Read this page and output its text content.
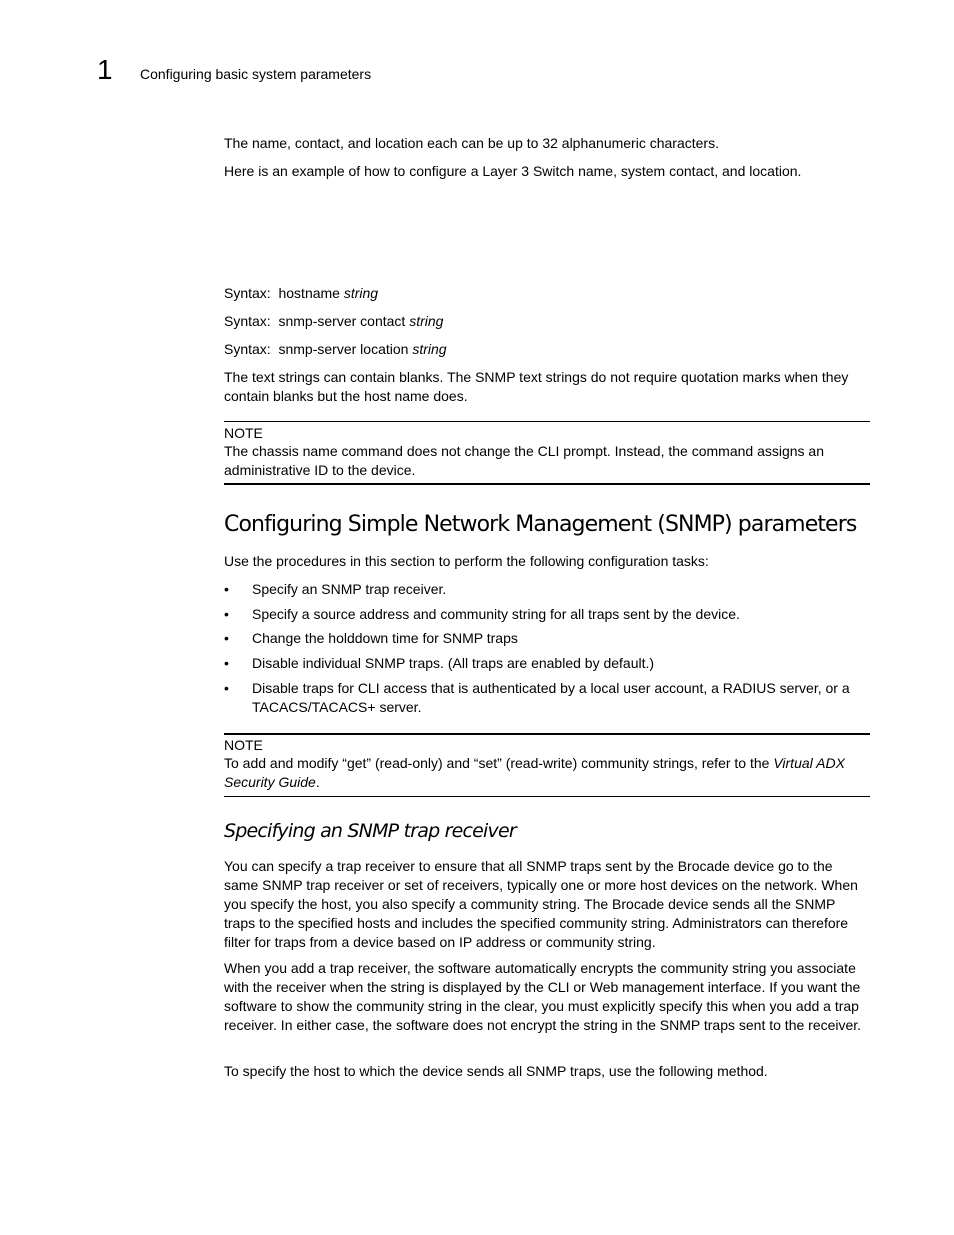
1 Configuring basic system parameters
The name, contact, and location each can be up to 32 alphanumeric characters.
Here is an example of how to configure a Layer 3 Switch name, system contact, and location.
Syntax: hostname string
Syntax: snmp-server contact string
Syntax: snmp-server location string
The text strings can contain blanks. The SNMP text strings do not require quotation marks when they contain blanks but the host name does.
NOTE
The chassis name command does not change the CLI prompt. Instead, the command assigns an administrative ID to the device.
Configuring Simple Network Management (SNMP) parameters
Use the procedures in this section to perform the following configuration tasks:
•	Specify an SNMP trap receiver.
•	Specify a source address and community string for all traps sent by the device.
•	Change the holddown time for SNMP traps
•	Disable individual SNMP traps. (All traps are enabled by default.)
•	Disable traps for CLI access that is authenticated by a local user account, a RADIUS server, or a TACACS/TACACS+ server.
NOTE
To add and modify “get” (read-only) and “set” (read-write) community strings, refer to the Virtual ADX Security Guide.
Specifying an SNMP trap receiver
You can specify a trap receiver to ensure that all SNMP traps sent by the Brocade device go to the same SNMP trap receiver or set of receivers, typically one or more host devices on the network. When you specify the host, you also specify a community string. The Brocade device sends all the SNMP traps to the specified hosts and includes the specified community string. Administrators can therefore filter for traps from a device based on IP address or community string.
When you add a trap receiver, the software automatically encrypts the community string you associate with the receiver when the string is displayed by the CLI or Web management interface. If you want the software to show the community string in the clear, you must explicitly specify this when you add a trap receiver. In either case, the software does not encrypt the string in the SNMP traps sent to the receiver.
To specify the host to which the device sends all SNMP traps, use the following method.
